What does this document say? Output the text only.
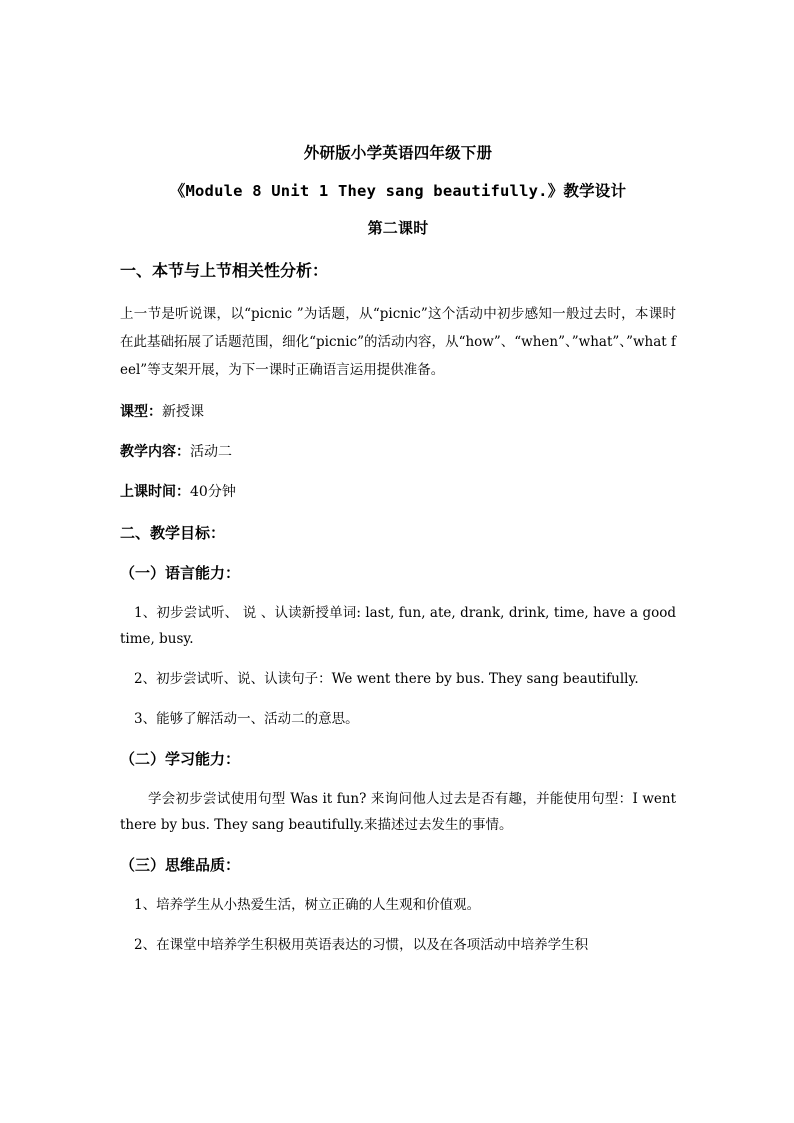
外研版小学英语四年级下册
《Module 8 Unit 1 They sang beautifully.》教学设计
第二课时
一、本节与上节相关性分析：

上一节是听说课，以“picnic ”为话题，从“picnic”这个活动中初步感知一般过去时，本课时在此基础拓展了话题范围，细化“picnic”的活动内容，从“how”、“when”、”what”、”what feel”等支架开展，为下一课时正确语言运用提供准备。

课型：新授课
教学内容：活动二
上课时间：40分钟
二、教学目标：
（一）语言能力：

1、初步尝试听、 说 、认读新授单词: last, fun, ate, drank, drink, time, have a good time, busy.

2、初步尝试听、说、认读句子：We went there by bus. They sang beautifully.

3、能够了解活动一、活动二的意思。

（二）学习能力：

学会初步尝试使用句型 Was it fun? 来询问他人过去是否有趣，并能使用句型：I went there by bus. They sang beautifully.来描述过去发生的事情。

（三）思维品质：

1、培养学生从小热爱生活，树立正确的人生观和价值观。

2、在课堂中培养学生积极用英语表达的习惯，以及在各项活动中培养学生积
